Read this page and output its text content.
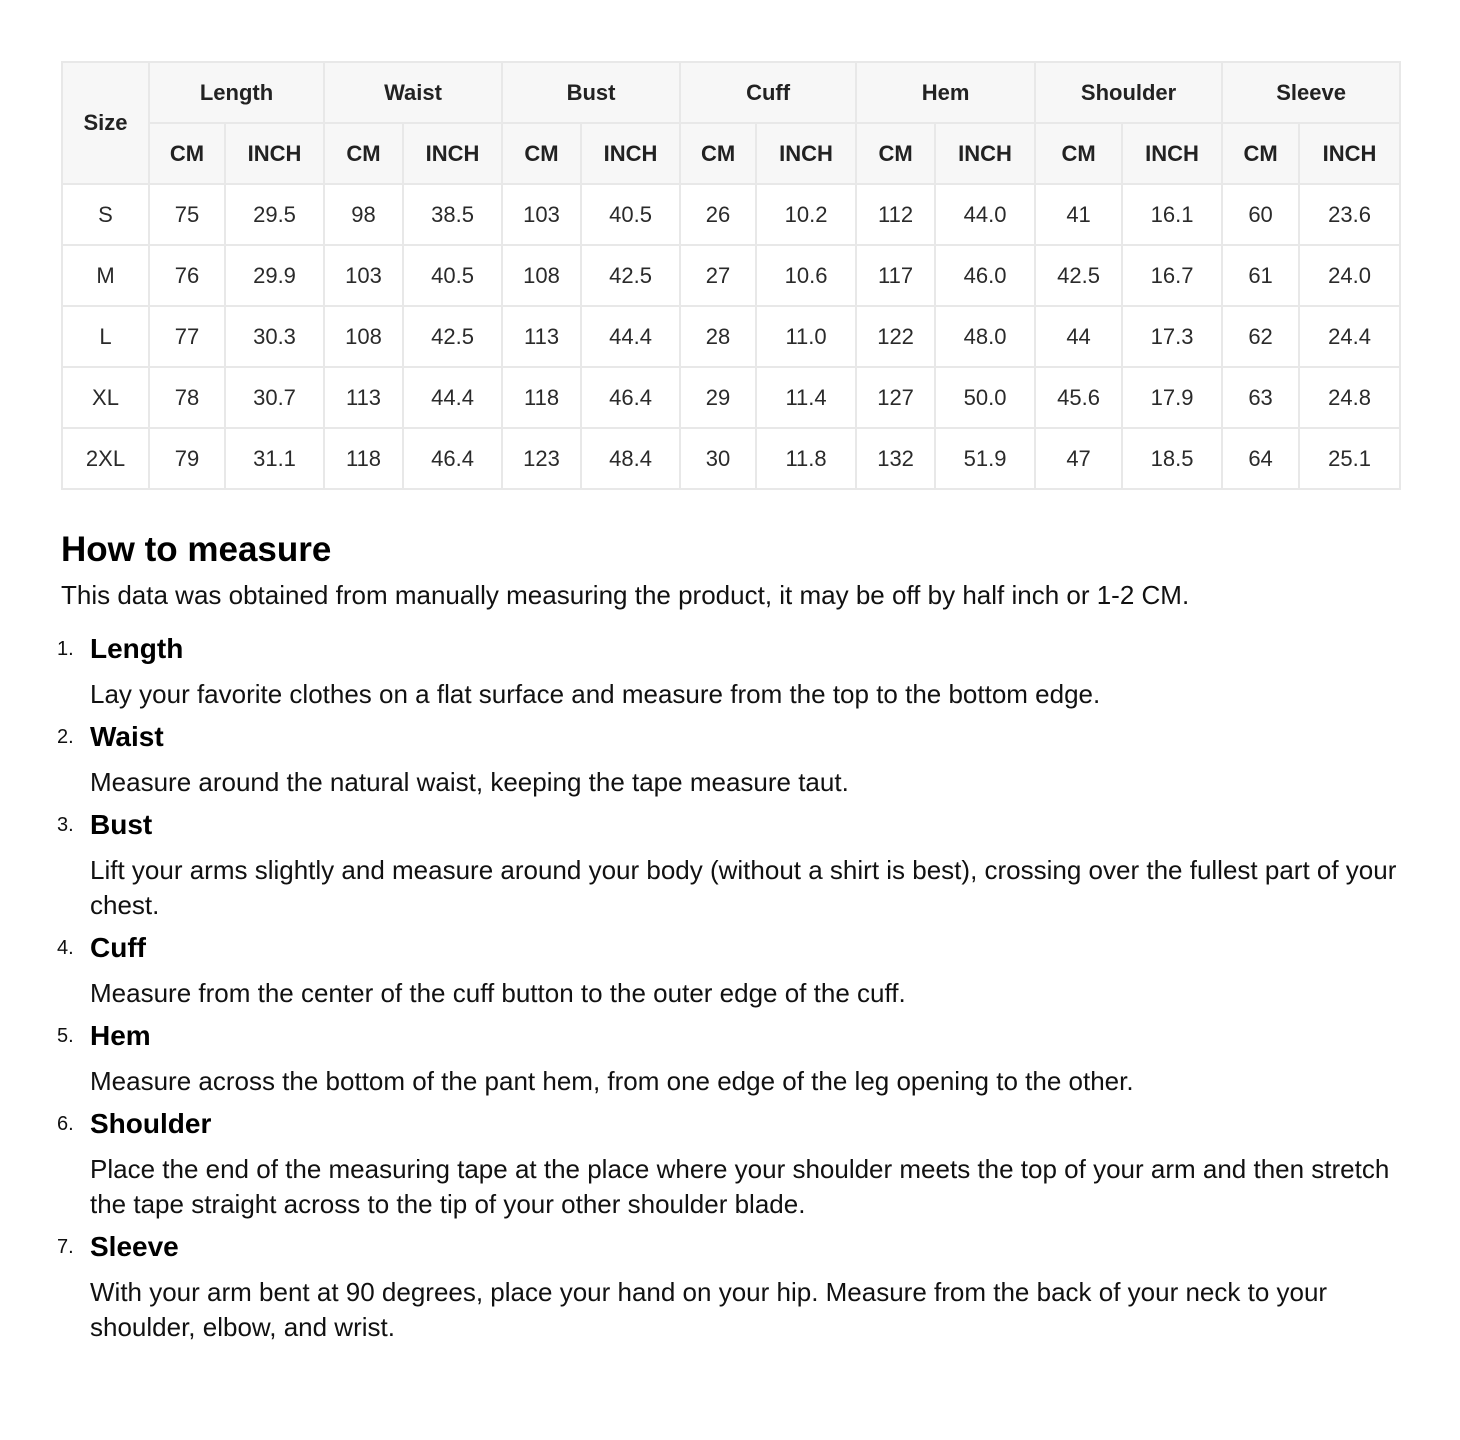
Size	Length		Waist		Bust		Cuff		Hem		Shoulder		Sleeve	
	CM	INCH	CM	INCH	CM	INCH	CM	INCH	CM	INCH	CM	INCH	CM	INCH
S	75	29.5	98	38.5	103	40.5	26	10.2	112	44.0	41	16.1	60	23.6
M	76	29.9	103	40.5	108	42.5	27	10.6	117	46.0	42.5	16.7	61	24.0
L	77	30.3	108	42.5	113	44.4	28	11.0	122	48.0	44	17.3	62	24.4
XL	78	30.7	113	44.4	118	46.4	29	11.4	127	50.0	45.6	17.9	63	24.8
2XL	79	31.1	118	46.4	123	48.4	30	11.8	132	51.9	47	18.5	64	25.1
How to measure

This data was obtained from manually measuring the product, it may be off by half inch or 1-2 CM.

1. Length
Lay your favorite clothes on a flat surface and measure from the top to the bottom edge.
2. Waist
Measure around the natural waist, keeping the tape measure taut.
3. Bust
Lift your arms slightly and measure around your body (without a shirt is best), crossing over the fullest part of your chest.
4. Cuff
Measure from the center of the cuff button to the outer edge of the cuff.
5. Hem
Measure across the bottom of the pant hem, from one edge of the leg opening to the other.
6. Shoulder
Place the end of the measuring tape at the place where your shoulder meets the top of your arm and then stretch the tape straight across to the tip of your other shoulder blade.
7. Sleeve
With your arm bent at 90 degrees, place your hand on your hip. Measure from the back of your neck to your shoulder, elbow, and wrist.
